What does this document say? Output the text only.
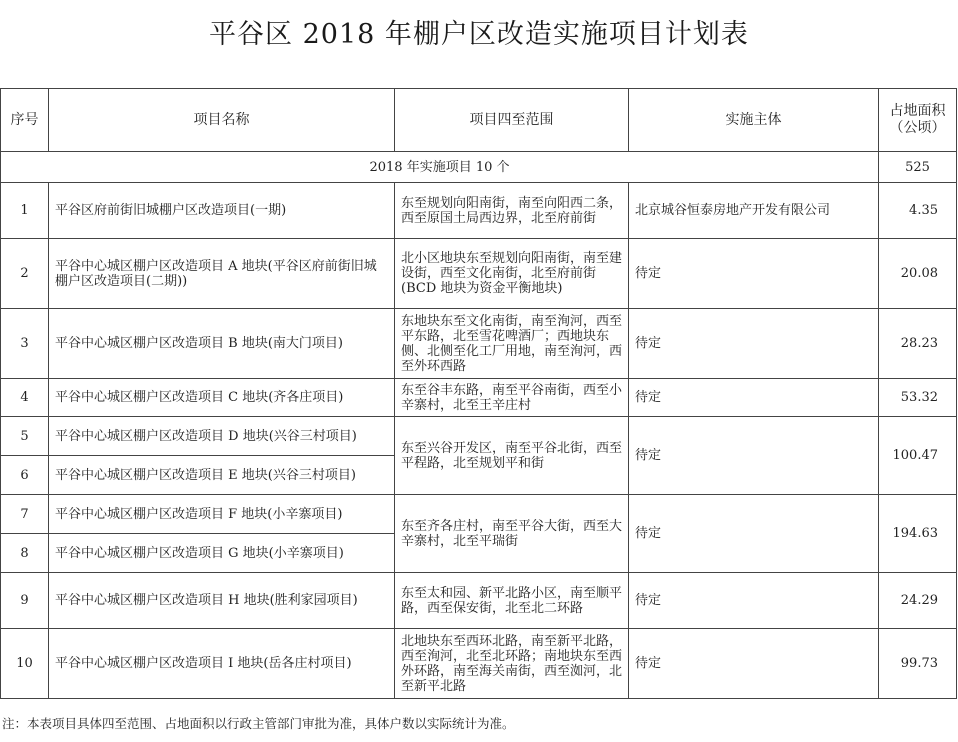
平谷区 2018 年棚户区改造实施项目计划表
序号	项目名称	项目四至范围	实施主体	占地面积（公顷）
2018 年实施项目 10 个				525
1	平谷区府前街旧城棚户区改造项目(一期)	东至规划向阳南街，南至向阳西二条，西至原国土局西边界，北至府前街	北京城谷恒泰房地产开发有限公司	4.35
2	平谷中心城区棚户区改造项目 A 地块(平谷区府前街旧城棚户区改造项目(二期))	北小区地块东至规划向阳南街，南至建设街，西至文化南街，北至府前街(BCD 地块为资金平衡地块)	待定	20.08
3	平谷中心城区棚户区改造项目 B 地块(南大门项目)	东地块东至文化南街，南至洵河，西至平东路，北至雪花啤酒厂；西地块东侧、北侧至化工厂用地，南至洵河，西至外环西路	待定	28.23
4	平谷中心城区棚户区改造项目 C 地块(齐各庄项目)	东至谷丰东路，南至平谷南街，西至小辛寨村，北至王辛庄村	待定	53.32
5	平谷中心城区棚户区改造项目 D 地块(兴谷三村项目)	东至兴谷开发区，南至平谷北街，西至平程路，北至规划平和街	待定	100.47
6	平谷中心城区棚户区改造项目 E 地块(兴谷三村项目)			
7	平谷中心城区棚户区改造项目 F 地块(小辛寨项目)	东至齐各庄村，南至平谷大街，西至大辛寨村，北至平瑞街	待定	194.63
8	平谷中心城区棚户区改造项目 G 地块(小辛寨项目)			
9	平谷中心城区棚户区改造项目 H 地块(胜利家园项目)	东至太和园、新平北路小区，南至顺平路，西至保安街，北至北二环路	待定	24.29
10	平谷中心城区棚户区改造项目 I 地块(岳各庄村项目)	北地块东至西环北路，南至新平北路，西至洵河，北至北环路；南地块东至西外环路，南至海关南街，西至洳河，北至新平北路	待定	99.73
注：本表项目具体四至范围、占地面积以行政主管部门审批为准，具体户数以实际统计为准。
